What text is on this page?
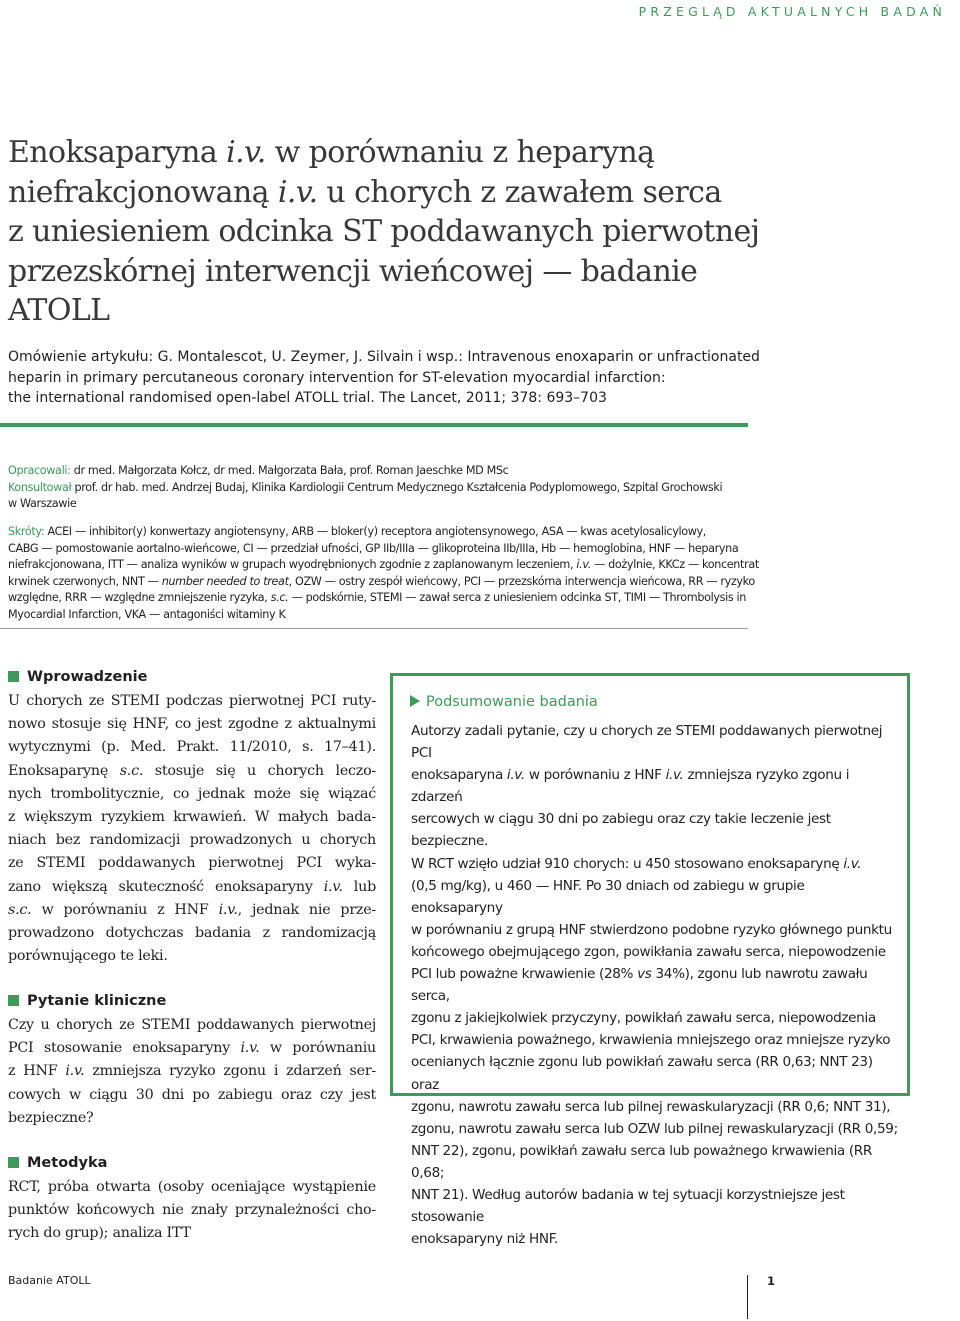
PRZEGLĄD AKTUALNYCH BADAŃ
Enoksaparyna i.v. w porównaniu z heparyną
niefrakcjonowaną i.v. u chorych z zawałem serca
z uniesieniem odcinka ST poddawanych pierwotnej
przezskórnej interwencji wieńcowej — badanie
ATOLL
Omówienie artykułu: G. Montalescot, U. Zeymer, J. Silvain i wsp.: Intravenous enoxaparin or unfractionated
heparin in primary percutaneous coronary intervention for ST-elevation myocardial infarction:
the international randomised open-label ATOLL trial. The Lancet, 2011; 378: 693–703
Opracowali: dr med. Małgorzata Kołcz, dr med. Małgorzata Bała, prof. Roman Jaeschke MD MSc
Konsultował prof. dr hab. med. Andrzej Budaj, Klinika Kardiologii Centrum Medycznego Kształcenia Podyplomowego, Szpital Grochowski
w Warszawie
Skróty: ACEI — inhibitor(y) konwertazy angiotensyny, ARB — bloker(y) receptora angiotensynowego, ASA — kwas acetylosalicylowy,
CABG — pomostowanie aortalno-wieńcowe, CI — przedział ufności, GP IIb/IIIa — glikoproteina IIb/IIIa, Hb — hemoglobina, HNF — heparyna
niefrakcjonowana, ITT — analiza wyników w grupach wyodrębnionych zgodnie z zaplanowanym leczeniem, i.v. — dożylnie, KKCz — koncentrat
krwinek czerwonych, NNT — number needed to treat, OZW — ostry zespół wieńcowy, PCI — przezskórna interwencja wieńcowa, RR — ryzyko
względne, RRR — względne zmniejszenie ryzyka, s.c. — podskórnie, STEMI — zawał serca z uniesieniem odcinka ST, TIMI — Thrombolysis in
Myocardial Infarction, VKA — antagoniści witaminy K
Wprowadzenie
U chorych ze STEMI podczas pierwotnej PCI ruty-
nowo stosuje się HNF, co jest zgodne z aktualnymi
wytycznymi (p. Med. Prakt. 11/2010, s. 17–41).
Enoksaparynę s.c. stosuje się u chorych leczo-
nych trombolitycznie, co jednak może się wiązać
z większym ryzykiem krwawień. W małych bada-
niach bez randomizacji prowadzonych u chorych
ze STEMI poddawanych pierwotnej PCI wyka-
zano większą skuteczność enoksaparyny i.v. lub
s.c. w porównaniu z HNF i.v., jednak nie prze-
prowadzono dotychczas badania z randomizacją
porównującego te leki.
Pytanie kliniczne
Czy u chorych ze STEMI poddawanych pierwotnej
PCI stosowanie enoksaparyny i.v. w porównaniu
z HNF i.v. zmniejsza ryzyko zgonu i zdarzeń ser-
cowych w ciągu 30 dni po zabiegu oraz czy jest
bezpieczne?
Metodyka
RCT, próba otwarta (osoby oceniające wystąpienie
punktów końcowych nie znały przynależności cho-
rych do grup); analiza ITT
Podsumowanie badania
Autorzy zadali pytanie, czy u chorych ze STEMI poddawanych pierwotnej PCI
enoksaparyna i.v. w porównaniu z HNF i.v. zmniejsza ryzyko zgonu i zdarzeń
sercowych w ciągu 30 dni po zabiegu oraz czy takie leczenie jest bezpieczne.
W RCT wzięło udział 910 chorych: u 450 stosowano enoksaparynę i.v.
(0,5 mg/kg), u 460 — HNF. Po 30 dniach od zabiegu w grupie enoksaparyny
w porównaniu z grupą HNF stwierdzono podobne ryzyko głównego punktu
końcowego obejmującego zgon, powikłania zawału serca, niepowodzenie
PCI lub poważne krwawienie (28% vs 34%), zgonu lub nawrotu zawału serca,
zgonu z jakiejkolwiek przyczyny, powikłań zawału serca, niepowodzenia
PCI, krwawienia poważnego, krwawienia mniejszego oraz mniejsze ryzyko
ocenianych łącznie zgonu lub powikłań zawału serca (RR 0,63; NNT 23) oraz
zgonu, nawrotu zawału serca lub pilnej rewaskularyzacji (RR 0,6; NNT 31),
zgonu, nawrotu zawału serca lub OZW lub pilnej rewaskularyzacji (RR 0,59;
NNT 22), zgonu, powikłań zawału serca lub poważnego krwawienia (RR 0,68;
NNT 21). Według autorów badania w tej sytuacji korzystniejsze jest stosowanie
enoksaparyny niż HNF.
Badanie ATOLL	1
